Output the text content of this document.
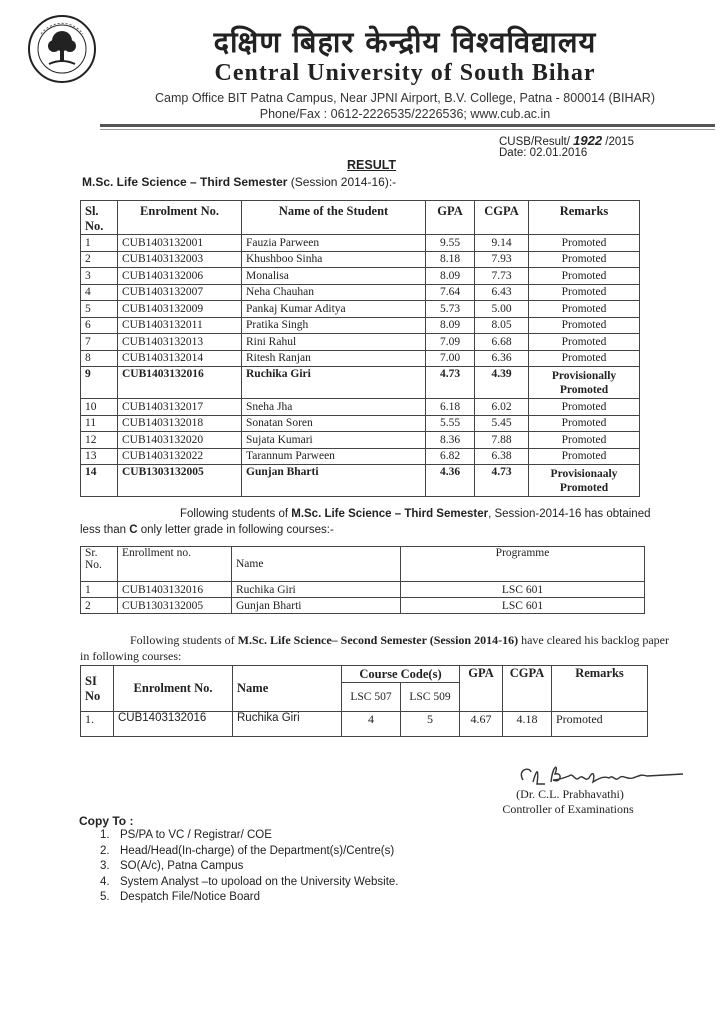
दक्षिण बिहार केन्द्रीय विश्वविद्यालय
Central University of South Bihar
Camp Office BIT Patna Campus, Near JPNI Airport, B.V. College, Patna - 800014 (BIHAR)
Phone/Fax : 0612-2226535/2226536; www.cub.ac.in
CUSB/Result/ 1922 /2015
Date: 02.01.2016
RESULT
M.Sc. Life Science – Third Semester (Session 2014-16):-
Sl. No.	Enrolment No.	Name of the Student	GPA	CGPA	Remarks
1	CUB1403132001	Fauzia Parween	9.55	9.14	Promoted
2	CUB1403132003	Khushboo Sinha	8.18	7.93	Promoted
3	CUB1403132006	Monalisa	8.09	7.73	Promoted
4	CUB1403132007	Neha Chauhan	7.64	6.43	Promoted
5	CUB1403132009	Pankaj Kumar Aditya	5.73	5.00	Promoted
6	CUB1403132011	Pratika Singh	8.09	8.05	Promoted
7	CUB1403132013	Rini Rahul	7.09	6.68	Promoted
8	CUB1403132014	Ritesh Ranjan	7.00	6.36	Promoted
9	CUB1403132016	Ruchika Giri	4.73	4.39	Provisionally Promoted
10	CUB1403132017	Sneha Jha	6.18	6.02	Promoted
11	CUB1403132018	Sonatan Soren	5.55	5.45	Promoted
12	CUB1403132020	Sujata Kumari	8.36	7.88	Promoted
13	CUB1403132022	Tarannum Parween	6.82	6.38	Promoted
14	CUB1303132005	Gunjan Bharti	4.36	4.73	Provisionaaly Promoted
Following students of M.Sc. Life Science – Third Semester, Session-2014-16 has obtained less than C only letter grade in following courses:-
Sr. No.	Enrollment no.	Name	Programme
1	CUB1403132016	Ruchika Giri	LSC 601
2	CUB1303132005	Gunjan Bharti	LSC 601
Following students of M.Sc. Life Science– Second Semester (Session 2014-16) have cleared his backlog paper in following courses:
SI No	Enrolment No.	Name	Course Code(s)		GPA	CGPA	Remarks
			LSC 507	LSC 509			
1.	CUB1403132016	Ruchika Giri	4	5	4.67	4.18	Promoted
(Dr. C.L. Prabhavathi)
Controller of Examinations
Copy To :
1. PS/PA to VC / Registrar/ COE
2. Head/Head(In-charge) of the Department(s)/Centre(s)
3. SO(A/c), Patna Campus
4. System Analyst –to upoload on the University Website.
5. Despatch File/Notice Board
